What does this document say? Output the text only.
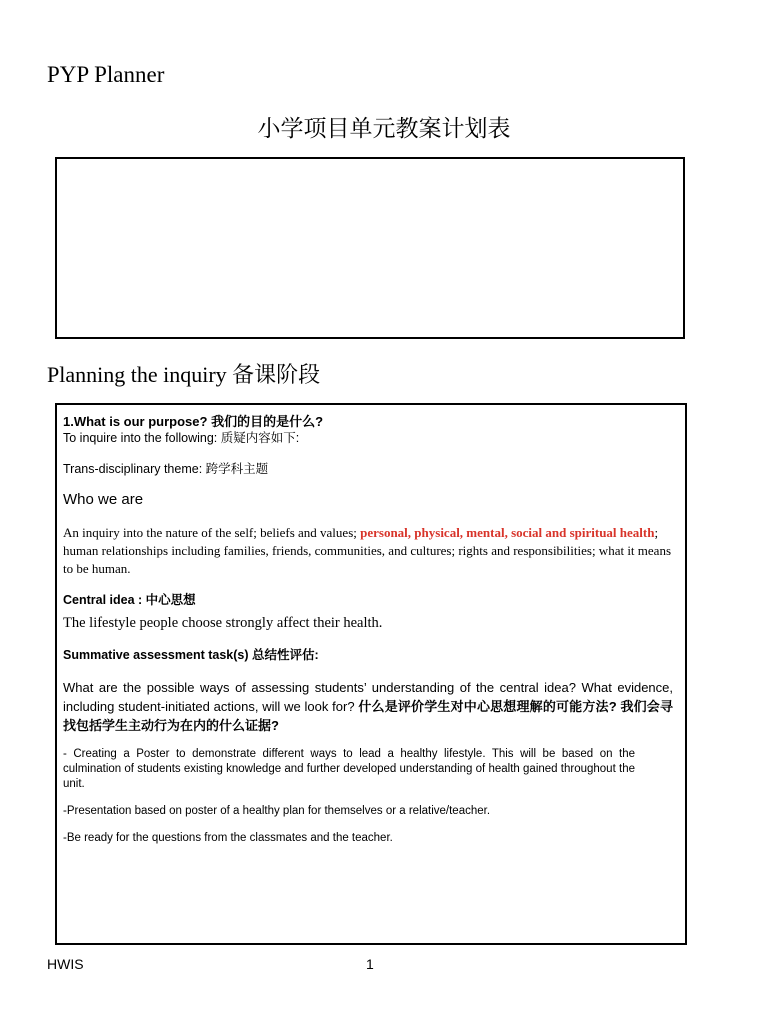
PYP Planner
小学项目单元教案计划表
Planning the inquiry 备课阶段

1.What is our purpose? 我们的目的是什么?

To inquire into the following: 质疑内容如下:

Trans-disciplinary theme: 跨学科主题

Who we are

An inquiry into the nature of the self; beliefs and values; personal, physical, mental, social and spiritual health; human relationships including families, friends, communities, and cultures; rights and responsibilities; what it means to be human.

Central idea : 中心思想

The lifestyle people choose strongly affect their health.

Summative assessment task(s) 总结性评估:

What are the possible ways of assessing students’ understanding of the central idea? What evidence, including student-initiated actions, will we look for? 什么是评价学生对中心思想理解的可能方法? 我们会寻找包括学生主动行为在内的什么证据?

- Creating a Poster to demonstrate different ways to lead a healthy lifestyle. This will be based on the culmination of students existing knowledge and further developed understanding of health gained throughout the unit.

-Presentation based on poster of a healthy plan for themselves or a relative/teacher.

-Be ready for the questions from the classmates and the teacher.

HWIS	1
